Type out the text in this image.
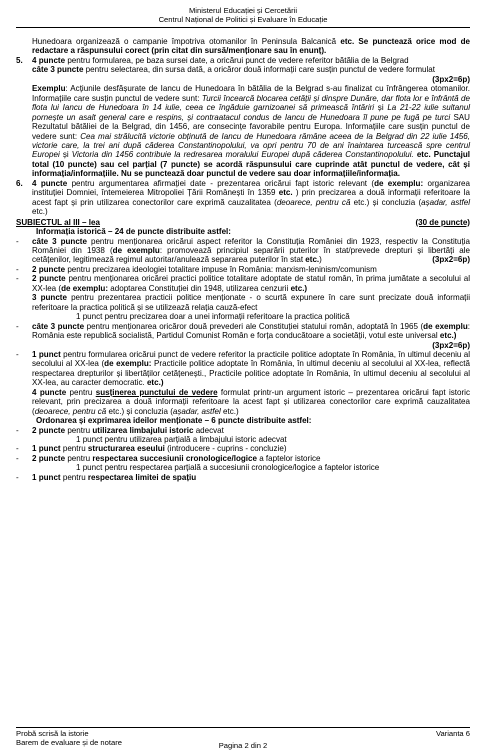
Ministerul Educației și Cercetării
Centrul Național de Politici și Evaluare în Educație

Hunedoara organizează o campanie împotriva otomanilor în Peninsula Balcanică etc. Se punctează orice mod de redactare a răspunsului corect (prin citat din sursă/menționare sau în enunț).

5.	4 puncte pentru formularea, pe baza sursei date, a oricărui punct de vedere referitor bătălia de la Belgrad
câte 3 puncte pentru selectarea, din sursa dată, a oricăror două informații care susțin punctul de vedere formulat
(3px2=6p)
Exemplu: Acțiunile desfășurate de Iancu de Hunedoara în bătălia de la Belgrad s-au finalizat cu înfrângerea otomanilor. Informațiile care susțin punctul de vedere sunt: Turcii încearcă blocarea cetății și dinspre Dunăre, dar flota lor e înfrântă de flota lui Iancu de Hunedoara în 14 iulie, ceea ce îngăduie garnizoanei să primească întăriri și La 21-22 iulie sultanul pornește un asalt general care e respins, și contraatacul condus de Iancu de Hunedoara îl pune pe fugă pe turci SAU Rezultatul bătăliei de la Belgrad, din 1456, are consecințe favorabile pentru Europa. Informațiile care susțin punctul de vedere sunt: Cea mai strălucită victorie obținută de Iancu de Hunedoara rămâne aceea de la Belgrad din 22 iulie 1456, victorie care, la trei ani după căderea Constantinopolului, va opri pentru 70 de ani înaintarea turcească spre centrul Europei și Victoria din 1456 contribuie la redresarea moralului Europei după căderea Constantinopolului. etc. Punctajul total (10 puncte) sau cel parțial (7 puncte) se acordă răspunsului care cuprinde atât punctul de vedere, cât și informația/informațiile. Nu se punctează doar punctul de vedere sau doar informațiile/informația.
6.	4 puncte pentru argumentarea afirmației date - prezentarea oricărui fapt istoric relevant (de exemplu: organizarea instituției Domniei, întemeierea Mitropoliei Țării Românești în 1359 etc. ) prin precizarea a două informații referitoare la acest fapt și prin utilizarea conectorilor care exprimă cauzalitatea (deoarece, pentru că etc.) și concluzia (așadar, astfel etc.)
SUBIECTUL al III – lea	(30 de puncte)
Informația istorică – 24 de puncte distribuite astfel:
-	câte 3 puncte pentru menționarea oricărui aspect referitor la Constituția României din 1923, respectiv la Constituția României din 1938 (de exemplu: promovează principiul separării puterilor în stat/prevede drepturi și libertăți ale cetățenilor, legitimează regimul autoritar/anulează separarea puterilor în stat etc.)	(3px2=6p)
-	2 puncte pentru precizarea ideologiei totalitare impuse în România: marxism-leninism/comunism
-	2 puncte pentru menționarea oricărei practici politice totalitare adoptate de statul român, în prima jumătate a secolului al XX-lea (de exemplu: adoptarea Constituției din 1948, utilizarea cenzurii etc.)
3 puncte pentru prezentarea practicii politice menționate - o scurtă expunere în care sunt precizate două informații referitoare la practica politică și se utilizează relația cauză-efect
1 punct pentru precizarea doar a unei informații referitoare la practica politică
-	câte 3 puncte pentru menționarea oricăror două prevederi ale Constituției statului român, adoptată în 1965 (de exemplu: România este republică socialistă, Partidul Comunist Român e forța conducătoare a societății, votul este universal etc.)
(3px2=6p)
-	1 punct pentru formularea oricărui punct de vedere referitor la practicile politice adoptate în România, în ultimul deceniu al secolului al XX-lea (de exemplu: Practicile politice adoptate în România, în ultimul deceniu al secolului al XX-lea, reflectă respectarea drepturilor și libertăților cetățenești., Practicile politice adoptate în România, în ultimul deceniu al secolului al XX-lea, au caracter democratic. etc.)
4 puncte pentru susținerea punctului de vedere formulat printr-un argument istoric – prezentarea oricărui fapt istoric relevant, prin precizarea a două informații referitoare la acest fapt și utilizarea conectorilor care exprimă cauzalitatea (deoarece, pentru că etc.) și concluzia (așadar, astfel etc.)
Ordonarea și exprimarea ideilor menționate – 6 puncte distribuite astfel:
-	2 puncte pentru utilizarea limbajului istoric adecvat
1 punct pentru utilizarea parțială a limbajului istoric adecvat
-	1 punct pentru structurarea eseului (introducere - cuprins - concluzie)
-	2 puncte pentru respectarea succesiunii cronologice/logice a faptelor istorice
1 punct pentru respectarea parțială a succesiunii cronologice/logice a faptelor istorice
-	1 punct pentru respectarea limitei de spațiu
Probă scrisă la istorie
Barem de evaluare și de notare
Varianta 6
Pagina 2 din 2
